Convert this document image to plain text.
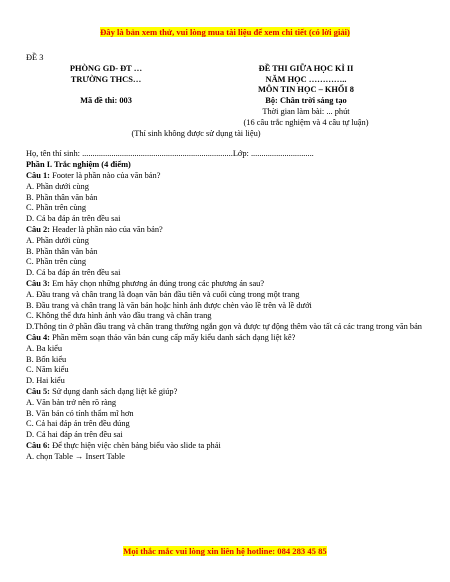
Đây là bản xem thử, vui lòng mua tài liệu để xem chi tiết (có lời giải)
ĐỀ 3
PHÒNG GD- ĐT …	ĐỀ THI GIỮA HỌC KÌ II
TRƯỜNG THCS…	NĂM HỌC …………..
MÔN TIN HỌC – KHỐI 8
Mã đề thi: 003	Bộ: Chân trời sáng tạo
Thời gian làm bài: ... phút
(16 câu trắc nghiệm và 4 câu tự luận)
(Thí sinh không được sử dụng tài liệu)
Họ, tên thí sinh: ........................................................................Lớp: ..............................
Phần I. Trắc nghiệm (4 điểm)
Câu 1: Footer là phần nào của văn bản?
A. Phần dưới cùng
B. Phần thân văn bản
C. Phần trên cùng
D. Cả ba đáp án trên đều sai
Câu 2: Header là phần nào của văn bản?
A. Phần dưới cùng
B. Phần thân văn bản
C. Phần trên cùng
D. Cả ba đáp án trên đều sai
Câu 3: Em hãy chọn những phương án đúng trong các phương án sau?
A. Đầu trang và chân trang là đoạn văn bản đầu tiên và cuối cùng trong một trang
B. Đầu trang và chân trang là văn bản hoặc hình ảnh được chèn vào lề trên và lề dưới
C. Không thể đưa hình ảnh vào đầu trang và chân trang
D.Thông tin ở phần đầu trang và chân trang thường ngắn gọn và được tự động thêm vào tất cả các trang trong văn bản
Câu 4: Phần mềm soạn thảo văn bản cung cấp mấy kiểu danh sách dạng liệt kê?
A. Ba kiểu
B. Bốn kiểu
C. Năm kiểu
D. Hai kiểu
Câu 5: Sử dụng danh sách dạng liệt kê giúp?
A. Văn bản trở nên rõ ràng
B. Văn bản có tính thẩm mĩ hơn
C. Cả hai đáp án trên đều đúng
D. Cả hai đáp án trên đều sai
Câu 6: Để thực hiện việc chèn bảng biểu vào slide ta phải
A. chọn Table → Insert Table
Mọi thắc mắc vui lòng xin liên hệ hotline: 084 283 45 85
